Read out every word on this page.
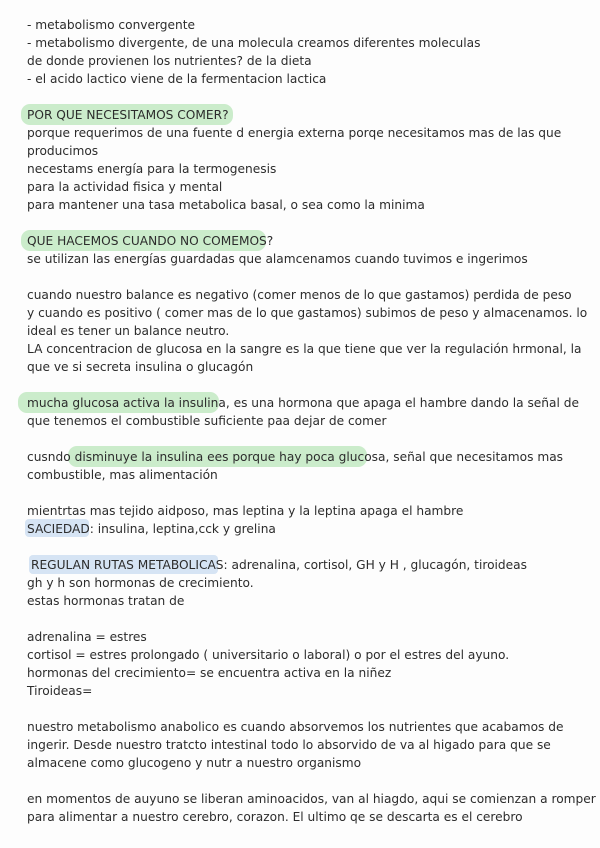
- metabolismo convergente
- metabolismo divergente, de una molecula creamos diferentes moleculas
de donde provienen los nutrientes? de la dieta
- el acido lactico viene de la fermentacion lactica
POR QUE NECESITAMOS COMER?
porque requerimos de una fuente d energia externa porqe necesitamos mas de las que
producimos
necestams energía para la termogenesis
para la actividad fisica y mental
para mantener una tasa metabolica basal, o sea como la minima
QUE HACEMOS CUANDO NO COMEMOS?
se utilizan las energías guardadas que alamcenamos cuando tuvimos e ingerimos
cuando nuestro balance es negativo (comer menos de lo que gastamos) perdida de peso
y cuando es positivo ( comer mas de lo que gastamos) subimos de peso y almacenamos. lo
ideal es tener un balance neutro.
LA concentracion de glucosa en la sangre es la que tiene que ver la regulación hrmonal, la
que ve si secreta insulina o glucagón
mucha glucosa activa la insulina, es una hormona que apaga el hambre dando la señal de
que tenemos el combustible suficiente paa dejar de comer
cusndo disminuye la insulina ees porque hay poca glucosa, señal que necesitamos mas
combustible, mas alimentación
mientrtas mas tejido aidposo, mas leptina y la leptina apaga el hambre
SACIEDAD: insulina, leptina,cck y grelina
REGULAN RUTAS METABOLICAS: adrenalina, cortisol, GH y H , glucagón, tiroideas
gh y h son hormonas de crecimiento.
estas hormonas tratan de
adrenalina = estres
cortisol = estres prolongado ( universitario o laboral) o por el estres del ayuno.
hormonas del crecimiento= se encuentra activa en la niñez
Tiroideas=
nuestro metabolismo anabolico es cuando absorvemos los nutrientes que acabamos de
ingerir. Desde nuestro tratcto intestinal todo lo absorvido de va al higado para que se
almacene como glucogeno y nutr a nuestro organismo
en momentos de auyuno se liberan aminoacidos, van al hiagdo, aqui se comienzan a romper
para alimentar a nuestro cerebro, corazon. El ultimo qe se descarta es el cerebro
